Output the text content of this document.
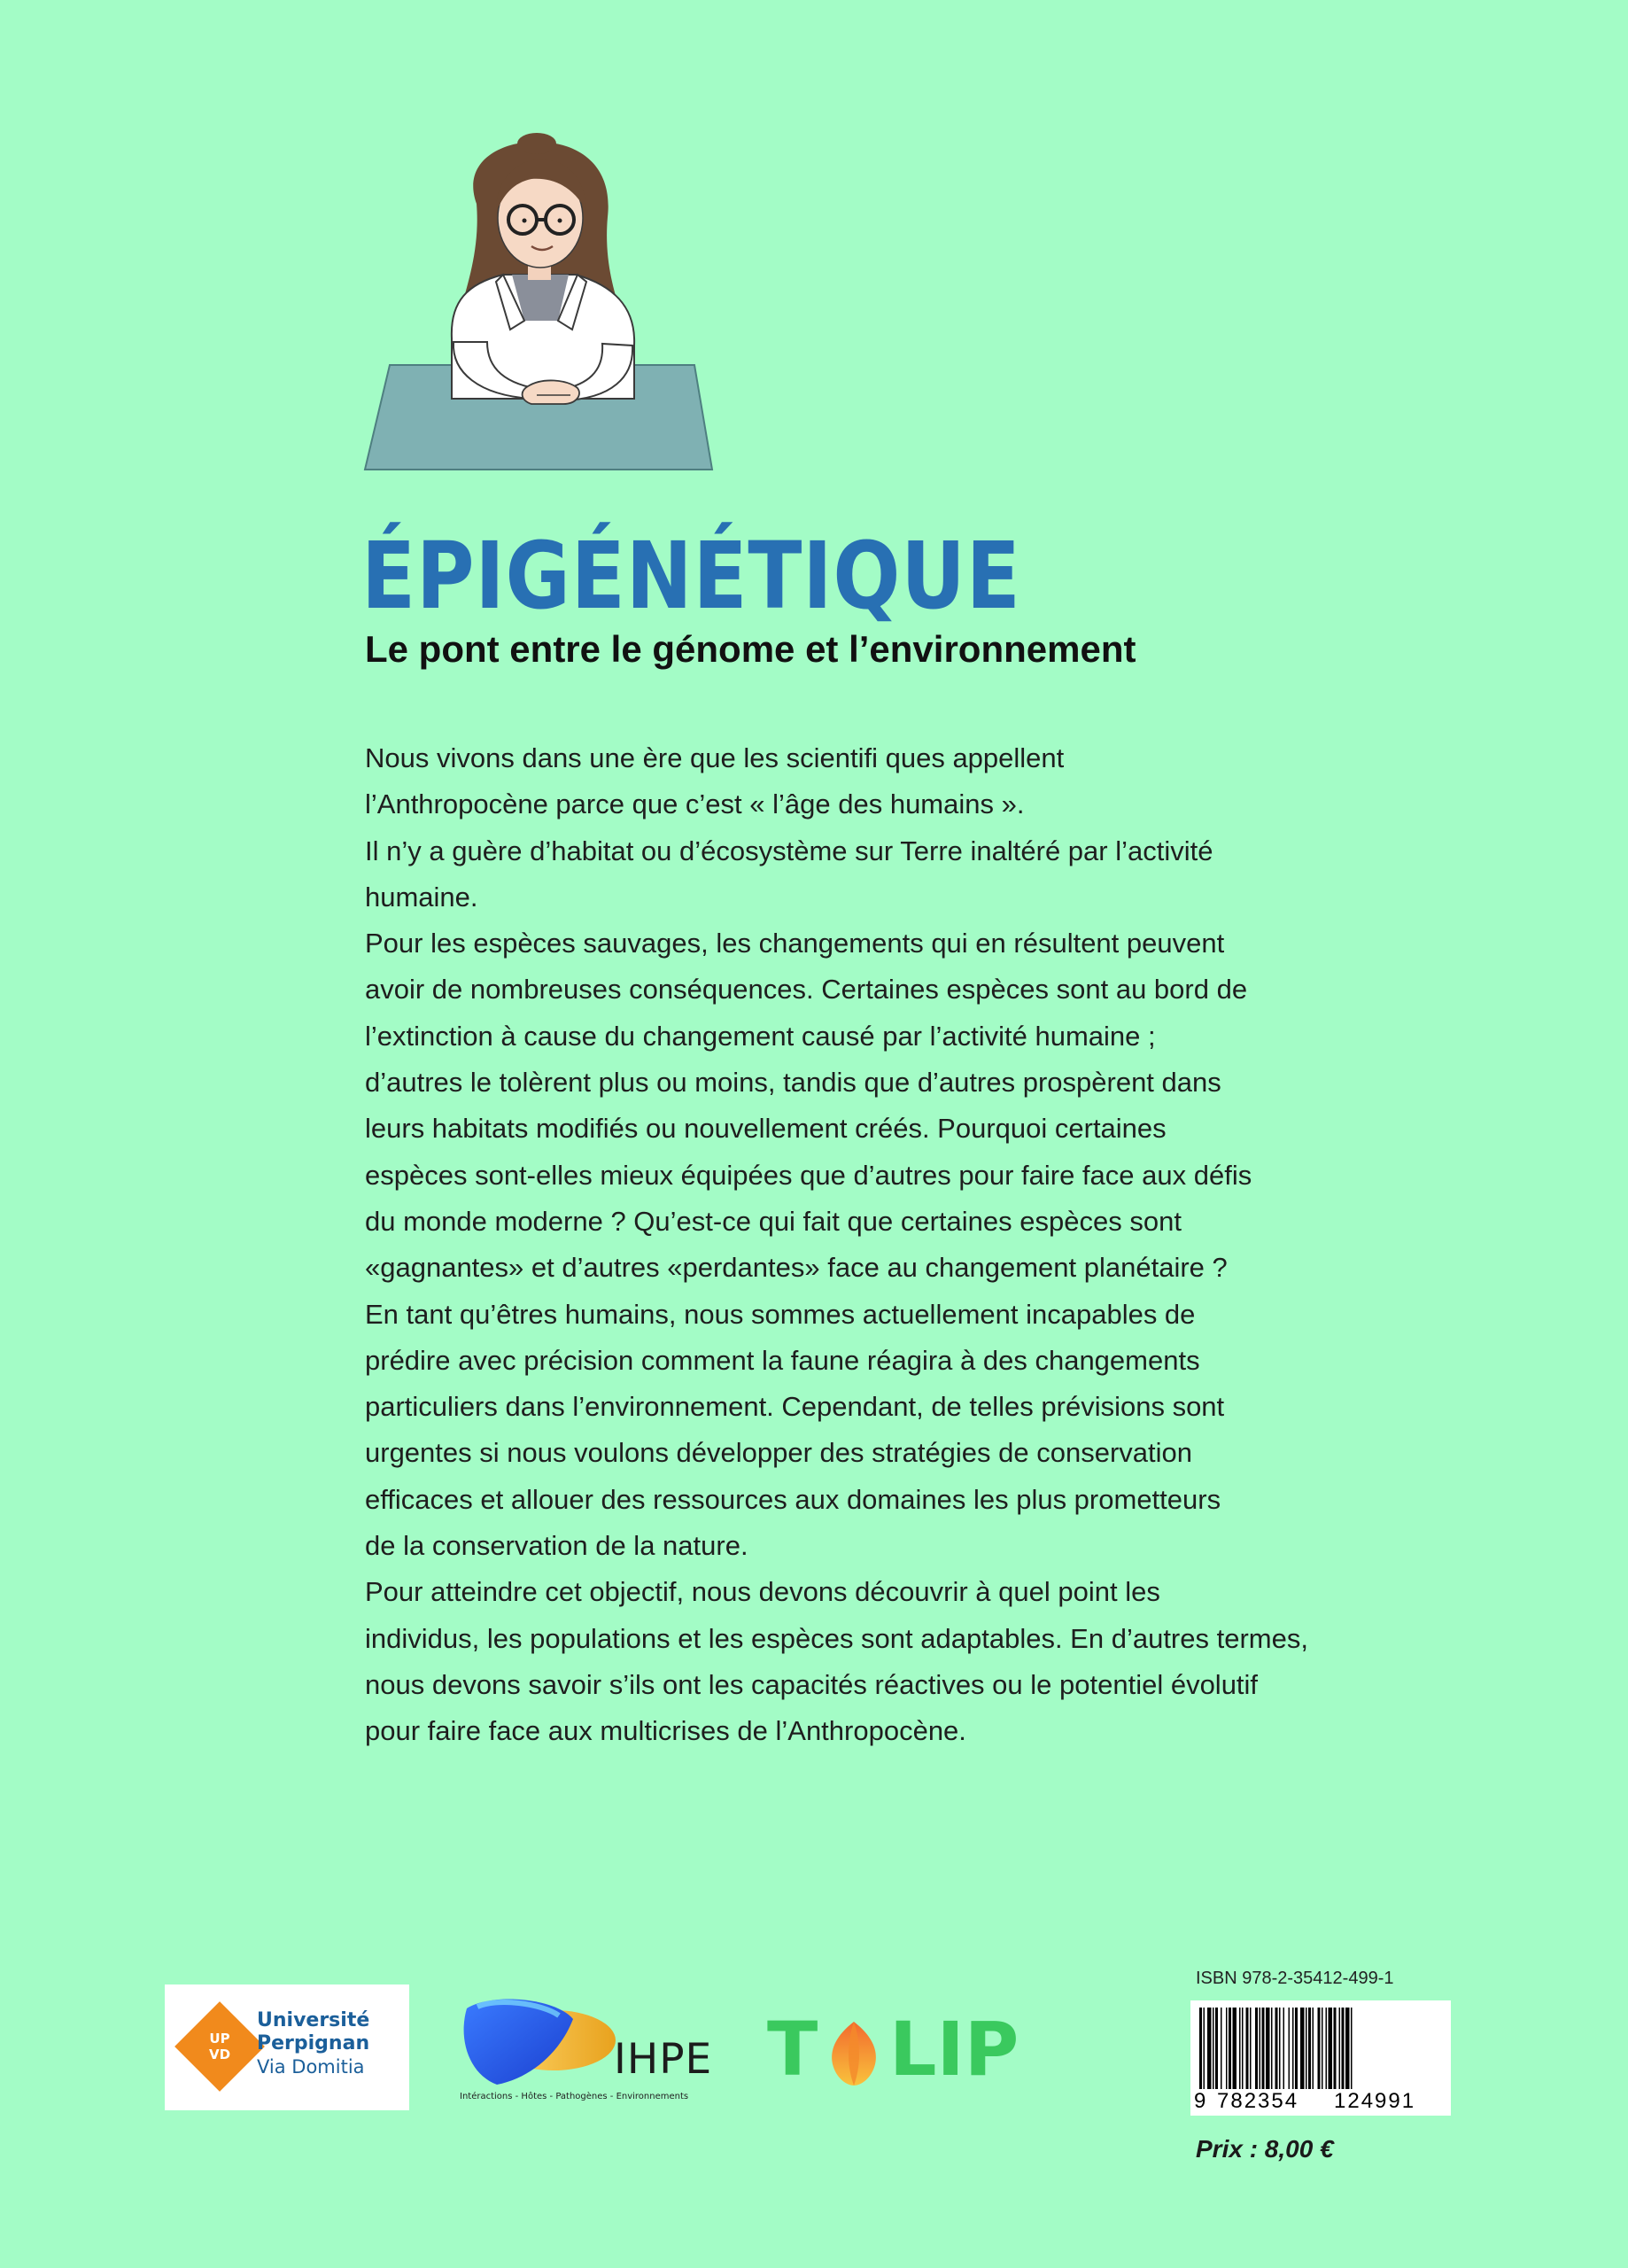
ÉPIGÉNÉTIQUE
Le pont entre le génome et l’environnement
Nous vivons dans une ère que les scientifi ques appellent
l’Anthropocène parce que c’est « l’âge des humains ».
Il n’y a guère d’habitat ou d’écosystème sur Terre inaltéré par l’activité
humaine.
Pour les espèces sauvages, les changements qui en résultent peuvent
avoir de nombreuses conséquences. Certaines espèces sont au bord de
l’extinction à cause du changement causé par l’activité humaine ;
d’autres le tolèrent plus ou moins, tandis que d’autres prospèrent dans
leurs habitats modifiés ou nouvellement créés. Pourquoi certaines
espèces sont-elles mieux équipées que d’autres pour faire face aux défis
du monde moderne ? Qu’est-ce qui fait que certaines espèces sont
«gagnantes» et d’autres «perdantes» face au changement planétaire ?
En tant qu’êtres humains, nous sommes actuellement incapables de
prédire avec précision comment la faune réagira à des changements
particuliers dans l’environnement. Cependant, de telles prévisions sont
urgentes si nous voulons développer des stratégies de conservation
efficaces et allouer des ressources aux domaines les plus prometteurs
de la conservation de la nature.
Pour atteindre cet objectif, nous devons découvrir à quel point les
individus, les populations et les espèces sont adaptables. En d’autres termes,
nous devons savoir s’ils ont les capacités réactives ou le potentiel évolutif
pour faire face aux multicrises de l’Anthropocène.
UP
VD
Université
Perpignan
Via Domitia	IHPE
Intéractions - Hôtes - Pathogènes - Environnements
T LIP
ISBN 978-2-35412-499-1
9 782354 124991
Prix : 8,00 €
